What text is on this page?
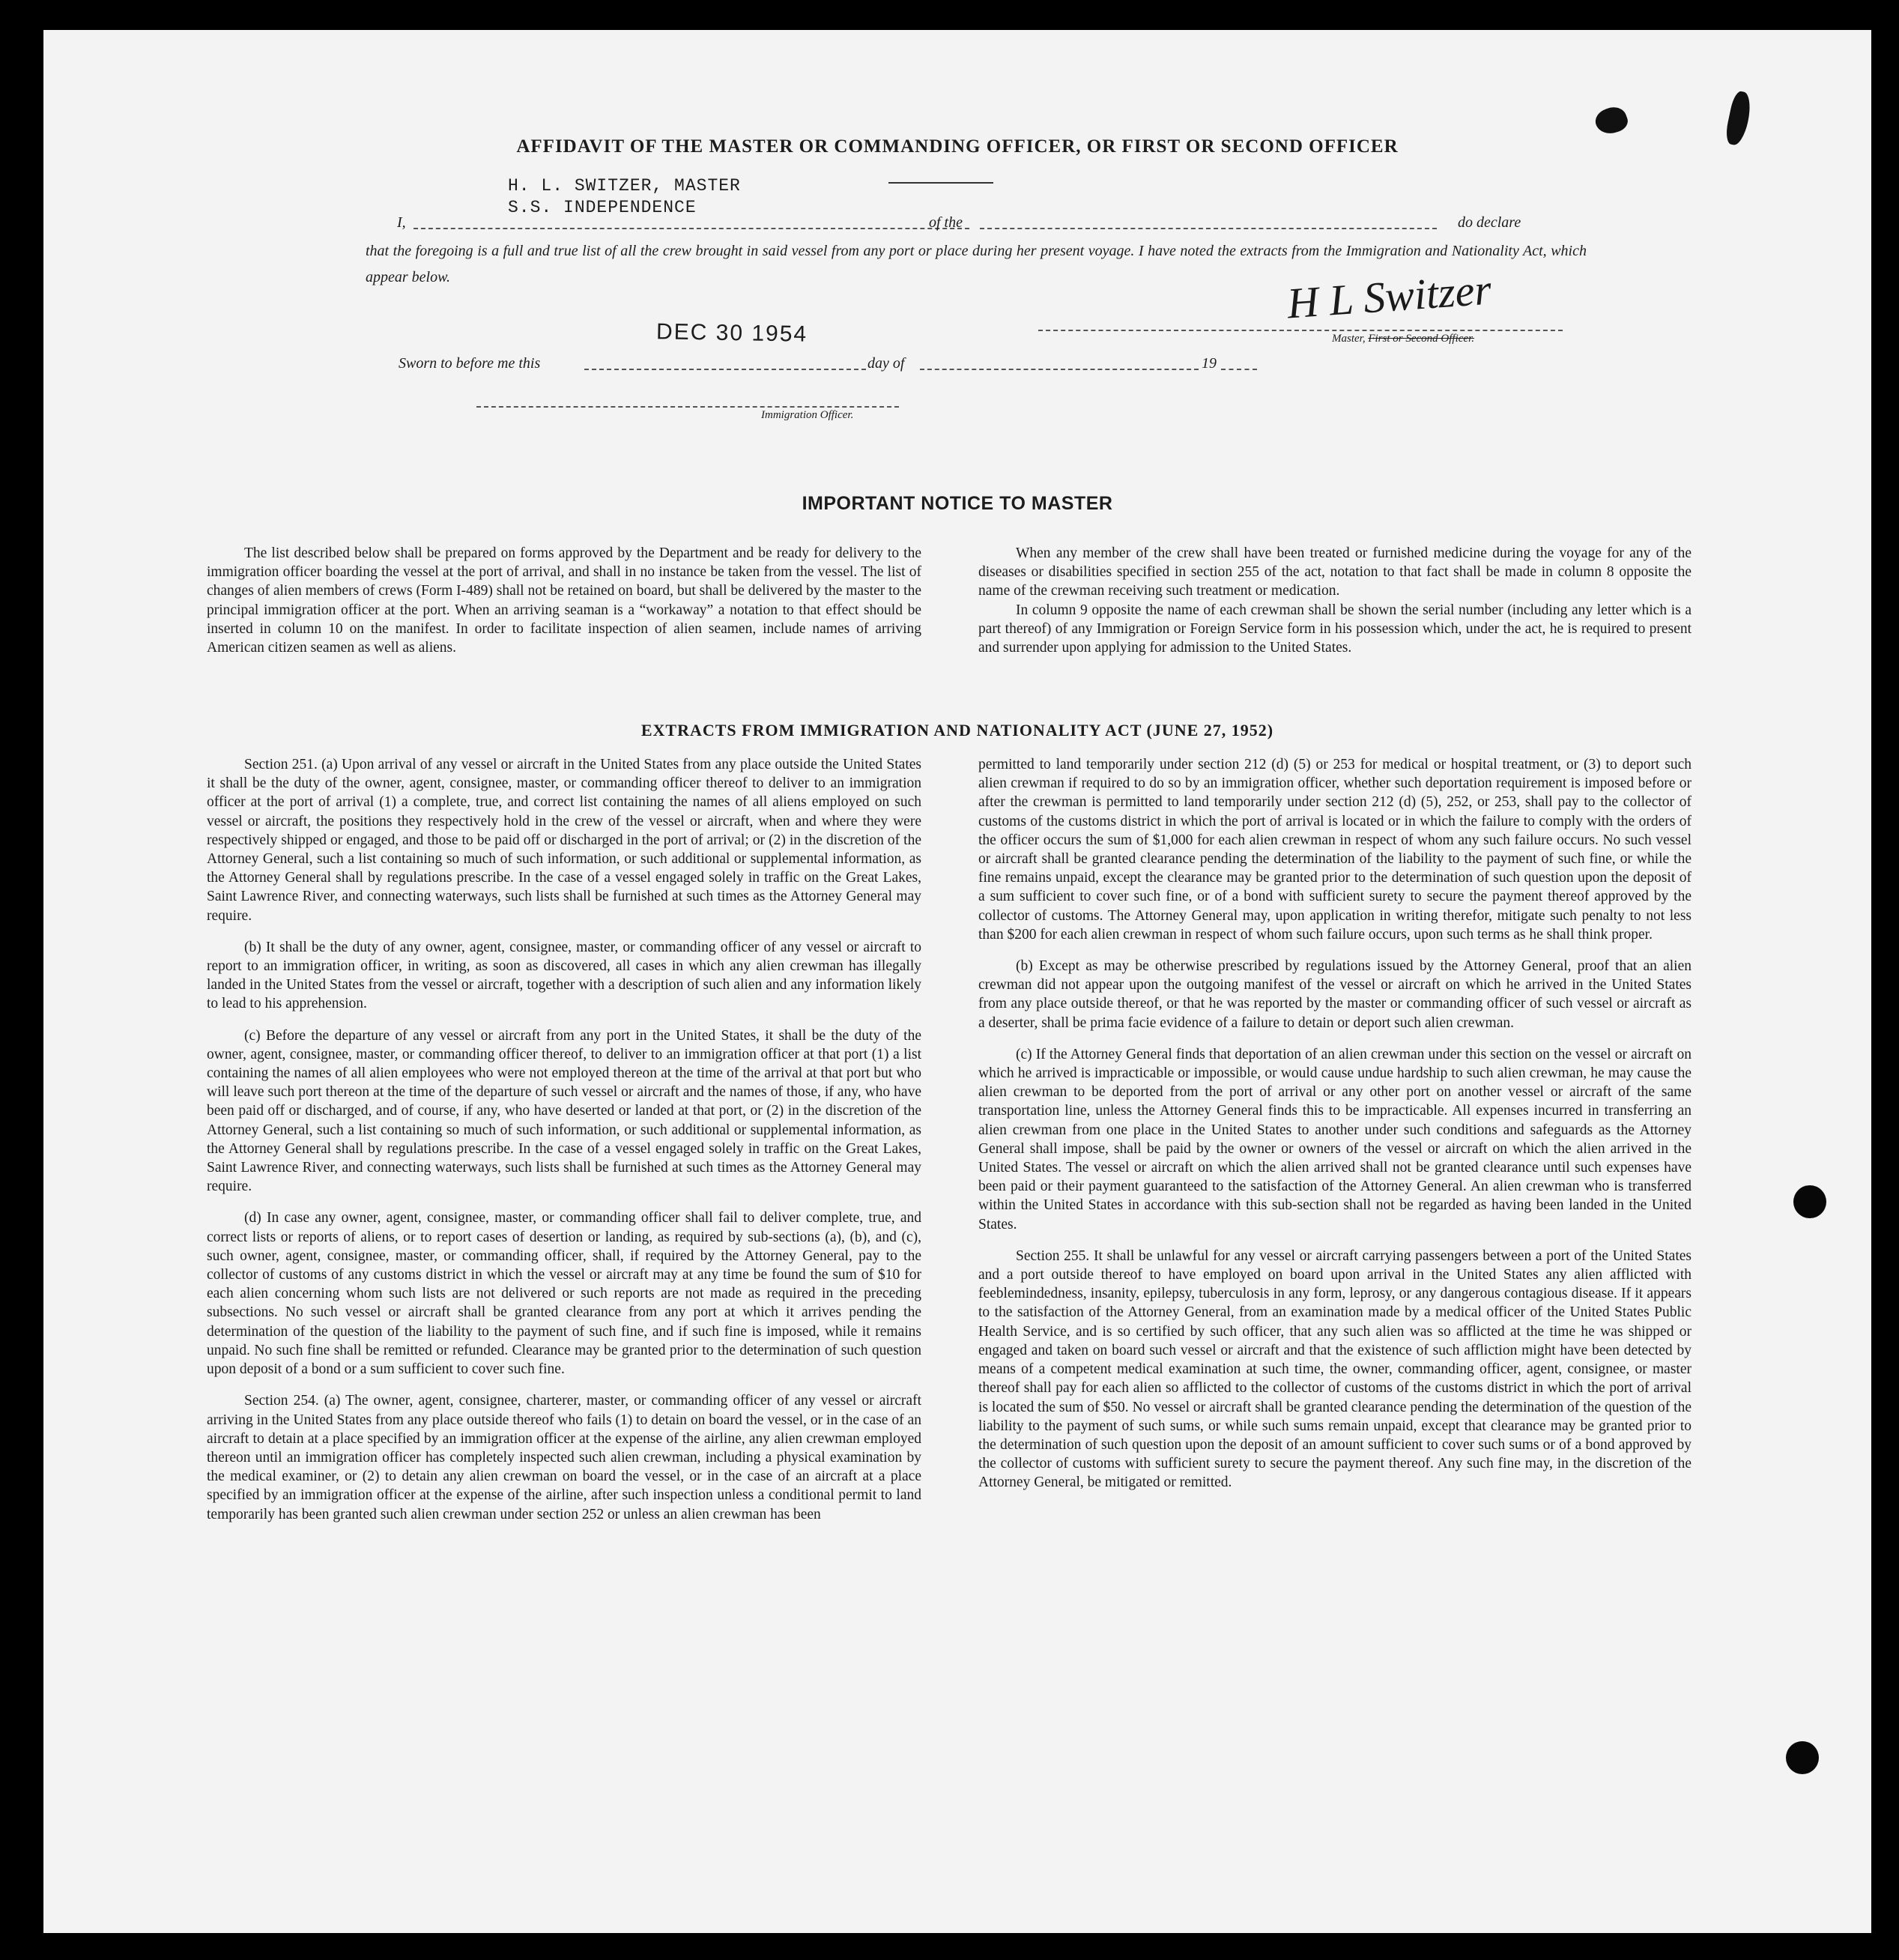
AFFIDAVIT OF THE MASTER OR COMMANDING OFFICER, OR FIRST OR SECOND OFFICER
H. L. SWITZER, MASTER
S.S. INDEPENDENCE
I,	of the	do declare
that the foregoing is a full and true list of all the crew brought in said vessel from any port or place during her present voyage. I have noted the extracts from the Immigration and Nationality Act, which appear below.
DEC 30 1954
H L Switzer
Master, First or Second Officer.
Sworn to before me this	day of	19
Immigration Officer.
IMPORTANT NOTICE TO MASTER

The list described below shall be prepared on forms approved by the Department and be ready for delivery to the immigration officer boarding the vessel at the port of arrival, and shall in no instance be taken from the vessel. The list of changes of alien members of crews (Form I-489) shall not be retained on board, but shall be delivered by the master to the principal immigration officer at the port. When an arriving seaman is a “workaway” a notation to that effect should be inserted in column 10 on the manifest. In order to facilitate inspection of alien seamen, include names of arriving American citizen seamen as well as aliens.

When any member of the crew shall have been treated or furnished medicine during the voyage for any of the diseases or disabilities specified in section 255 of the act, notation to that fact shall be made in column 8 opposite the name of the crewman receiving such treatment or medication.

In column 9 opposite the name of each crewman shall be shown the serial number (including any letter which is a part thereof) of any Immigration or Foreign Service form in his possession which, under the act, he is required to present and surrender upon applying for admission to the United States.

EXTRACTS FROM IMMIGRATION AND NATIONALITY ACT (JUNE 27, 1952)

Section 251. (a) Upon arrival of any vessel or aircraft in the United States from any place outside the United States it shall be the duty of the owner, agent, consignee, master, or commanding officer thereof to deliver to an immigration officer at the port of arrival (1) a complete, true, and correct list containing the names of all aliens employed on such vessel or aircraft, the positions they respectively hold in the crew of the vessel or aircraft, when and where they were respectively shipped or engaged, and those to be paid off or discharged in the port of arrival; or (2) in the discretion of the Attorney General, such a list containing so much of such information, or such additional or supplemental information, as the Attorney General shall by regulations prescribe. In the case of a vessel engaged solely in traffic on the Great Lakes, Saint Lawrence River, and connecting waterways, such lists shall be furnished at such times as the Attorney General may require.

(b) It shall be the duty of any owner, agent, consignee, master, or commanding officer of any vessel or aircraft to report to an immigration officer, in writing, as soon as discovered, all cases in which any alien crewman has illegally landed in the United States from the vessel or aircraft, together with a description of such alien and any information likely to lead to his apprehension.

(c) Before the departure of any vessel or aircraft from any port in the United States, it shall be the duty of the owner, agent, consignee, master, or commanding officer thereof, to deliver to an immigration officer at that port (1) a list containing the names of all alien employees who were not employed thereon at the time of the arrival at that port but who will leave such port thereon at the time of the departure of such vessel or aircraft and the names of those, if any, who have been paid off or discharged, and of course, if any, who have deserted or landed at that port, or (2) in the discretion of the Attorney General, such a list containing so much of such information, or such additional or supplemental information, as the Attorney General shall by regulations prescribe. In the case of a vessel engaged solely in traffic on the Great Lakes, Saint Lawrence River, and connecting waterways, such lists shall be furnished at such times as the Attorney General may require.

(d) In case any owner, agent, consignee, master, or commanding officer shall fail to deliver complete, true, and correct lists or reports of aliens, or to report cases of desertion or landing, as required by sub-sections (a), (b), and (c), such owner, agent, consignee, master, or commanding officer, shall, if required by the Attorney General, pay to the collector of customs of any customs district in which the vessel or aircraft may at any time be found the sum of $10 for each alien concerning whom such lists are not delivered or such reports are not made as required in the preceding subsections. No such vessel or aircraft shall be granted clearance from any port at which it arrives pending the determination of the question of the liability to the payment of such fine, and if such fine is imposed, while it remains unpaid. No such fine shall be remitted or refunded. Clearance may be granted prior to the determination of such question upon deposit of a bond or a sum sufficient to cover such fine.

Section 254. (a) The owner, agent, consignee, charterer, master, or commanding officer of any vessel or aircraft arriving in the United States from any place outside thereof who fails (1) to detain on board the vessel, or in the case of an aircraft to detain at a place specified by an immigration officer at the expense of the airline, any alien crewman employed thereon until an immigration officer has completely inspected such alien crewman, including a physical examination by the medical examiner, or (2) to detain any alien crewman on board the vessel, or in the case of an aircraft at a place specified by an immigration officer at the expense of the airline, after such inspection unless a conditional permit to land temporarily has been granted such alien crewman under section 252 or unless an alien crewman has been

permitted to land temporarily under section 212 (d) (5) or 253 for medical or hospital treatment, or (3) to deport such alien crewman if required to do so by an immigration officer, whether such deportation requirement is imposed before or after the crewman is permitted to land temporarily under section 212 (d) (5), 252, or 253, shall pay to the collector of customs of the customs district in which the port of arrival is located or in which the failure to comply with the orders of the officer occurs the sum of $1,000 for each alien crewman in respect of whom any such failure occurs. No such vessel or aircraft shall be granted clearance pending the determination of the liability to the payment of such fine, or while the fine remains unpaid, except the clearance may be granted prior to the determination of such question upon the deposit of a sum sufficient to cover such fine, or of a bond with sufficient surety to secure the payment thereof approved by the collector of customs. The Attorney General may, upon application in writing therefor, mitigate such penalty to not less than $200 for each alien crewman in respect of whom such failure occurs, upon such terms as he shall think proper.

(b) Except as may be otherwise prescribed by regulations issued by the Attorney General, proof that an alien crewman did not appear upon the outgoing manifest of the vessel or aircraft on which he arrived in the United States from any place outside thereof, or that he was reported by the master or commanding officer of such vessel or aircraft as a deserter, shall be prima facie evidence of a failure to detain or deport such alien crewman.

(c) If the Attorney General finds that deportation of an alien crewman under this section on the vessel or aircraft on which he arrived is impracticable or impossible, or would cause undue hardship to such alien crewman, he may cause the alien crewman to be deported from the port of arrival or any other port on another vessel or aircraft of the same transportation line, unless the Attorney General finds this to be impracticable. All expenses incurred in transferring an alien crewman from one place in the United States to another under such conditions and safeguards as the Attorney General shall impose, shall be paid by the owner or owners of the vessel or aircraft on which the alien arrived in the United States. The vessel or aircraft on which the alien arrived shall not be granted clearance until such expenses have been paid or their payment guaranteed to the satisfaction of the Attorney General. An alien crewman who is transferred within the United States in accordance with this sub-section shall not be regarded as having been landed in the United States.

Section 255. It shall be unlawful for any vessel or aircraft carrying passengers between a port of the United States and a port outside thereof to have employed on board upon arrival in the United States any alien afflicted with feeblemindedness, insanity, epilepsy, tuberculosis in any form, leprosy, or any dangerous contagious disease. If it appears to the satisfaction of the Attorney General, from an examination made by a medical officer of the United States Public Health Service, and is so certified by such officer, that any such alien was so afflicted at the time he was shipped or engaged and taken on board such vessel or aircraft and that the existence of such affliction might have been detected by means of a competent medical examination at such time, the owner, commanding officer, agent, consignee, or master thereof shall pay for each alien so afflicted to the collector of customs of the customs district in which the port of arrival is located the sum of $50. No vessel or aircraft shall be granted clearance pending the determination of the question of the liability to the payment of such sums, or while such sums remain unpaid, except that clearance may be granted prior to the determination of such question upon the deposit of an amount sufficient to cover such sums or of a bond approved by the collector of customs with sufficient surety to secure the payment thereof. Any such fine may, in the discretion of the Attorney General, be mitigated or remitted.
